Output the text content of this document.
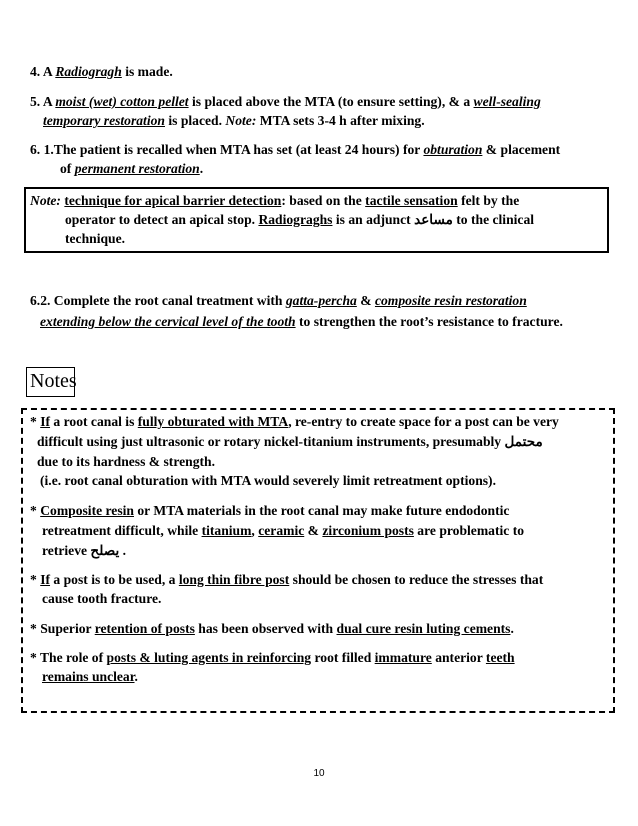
4. A Radiogragh is made.
5. A moist (wet) cotton pellet is placed above the MTA (to ensure setting), & a well-sealing
temporary restoration is placed. Note: MTA sets 3-4 h after mixing.
6. 1.The patient is recalled when MTA has set (at least 24 hours) for obturation & placement
of permanent restoration.
Note: technique for apical barrier detection: based on the tactile sensation felt by the
operator to detect an apical stop. Radiograghs is an adjunct مساعد to the clinical
technique.
6.2. Complete the root canal treatment with gatta-percha & composite resin restoration
extending below the cervical level of the tooth to strengthen the root’s resistance to fracture.
Notes
* If a root canal is fully obturated with MTA, re-entry to create space for a post can be very
difficult using just ultrasonic or rotary nickel-titanium instruments, presumably محتمل
due to its hardness & strength.
(i.e. root canal obturation with MTA would severely limit retreatment options).
* Composite resin or MTA materials in the root canal may make future endodontic
retreatment difficult, while titanium, ceramic & zirconium posts are problematic to
retrieve يصلح .
* If a post is to be used, a long thin fibre post should be chosen to reduce the stresses that
cause tooth fracture.
* Superior retention of posts has been observed with dual cure resin luting cements.
* The role of posts & luting agents in reinforcing root filled immature anterior teeth
remains unclear.
10
